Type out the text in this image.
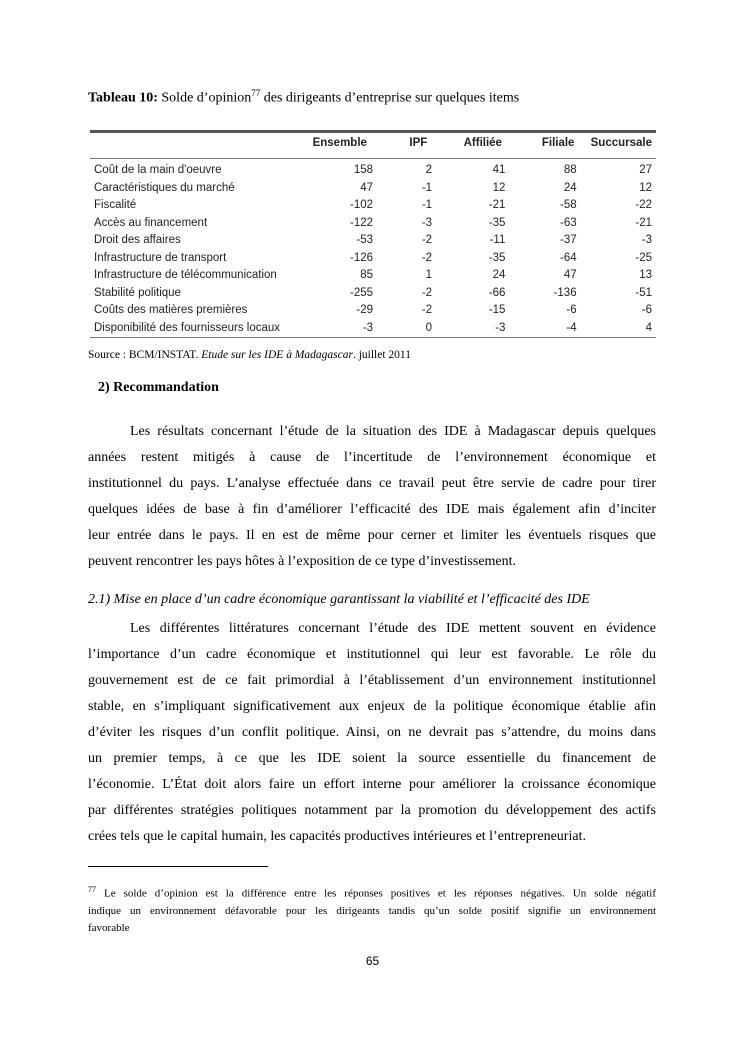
Tableau 10: Solde d’opinion$^{77}$ des dirigeants d’entreprise sur quelques items
	Ensemble	IPF	Affiliée	Filiale	Succursale
Coût de la main d'oeuvre	158	2	41	88	27
Caractéristiques du marché	47	-1	12	24	12
Fiscalité	-102	-1	-21	-58	-22
Accès au financement	-122	-3	-35	-63	-21
Droit des affaires	-53	-2	-11	-37	-3
Infrastructure de transport	-126	-2	-35	-64	-25
Infrastructure de télécommunication	85	1	24	47	13
Stabilité politique	-255	-2	-66	-136	-51
Coûts des matières premières	-29	-2	-15	-6	-6
Disponibilité des fournisseurs locaux	-3	0	-3	-4	4
Source : BCM/INSTAT. Etude sur les IDE à Madagascar. juillet 2011
2) Recommandation
Les résultats concernant l’étude de la situation des IDE à Madagascar depuis quelques
années restent mitigés à cause de l’incertitude de l’environnement économique et
institutionnel du pays. L’analyse effectuée dans ce travail peut être servie de cadre pour tirer
quelques idées de base à fin d’améliorer l’efficacité des IDE mais également afin d’inciter
leur entrée dans le pays. Il en est de même pour cerner et limiter les éventuels risques que
peuvent rencontrer les pays hôtes à l’exposition de ce type d’investissement.
2.1) Mise en place d’un cadre économique garantissant la viabilité et l’efficacité des IDE
Les différentes littératures concernant l’étude des IDE mettent souvent en évidence
l’importance d’un cadre économique et institutionnel qui leur est favorable. Le rôle du
gouvernement est de ce fait primordial à l’établissement d’un environnement institutionnel
stable, en s’impliquant significativement aux enjeux de la politique économique établie afin
d’éviter les risques d’un conflit politique. Ainsi, on ne devrait pas s’attendre, du moins dans
un premier temps, à ce que les IDE soient la source essentielle du financement de
l’économie. L’État doit alors faire un effort interne pour améliorer la croissance économique
par différentes stratégies politiques notamment par la promotion du développement des actifs
crées tels que le capital humain, les capacités productives intérieures et l’entrepreneuriat.
$^{77}$ Le solde d’opinion est la différence entre les réponses positives et les réponses négatives. Un solde négatif
indique un environnement défavorable pour les dirigeants tandis qu’un solde positif signifie un environnement
favorable
65
